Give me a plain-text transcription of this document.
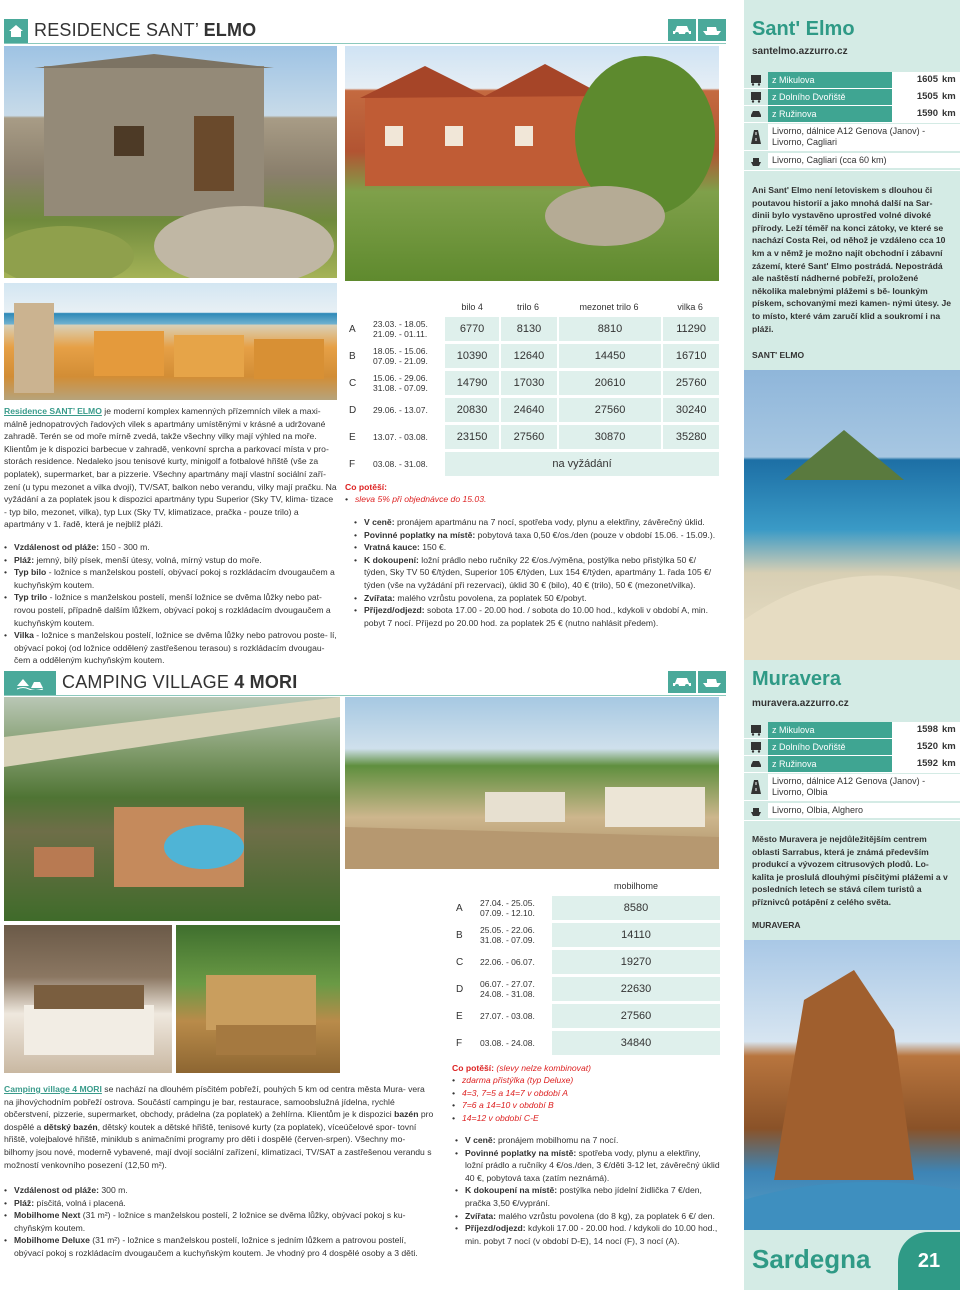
RESIDENCE SANT’ ELMO
		bilo 4	trilo 6	mezonet trilo 6	vilka 6
A	23.03. - 18.05. 21.09. - 01.11.	6770	8130	8810	11290
B	18.05. - 15.06. 07.09. - 21.09.	10390	12640	14450	16710
C	15.06. - 29.06. 31.08. - 07.09.	14790	17030	20610	25760
D	29.06. - 13.07.	20830	24640	27560	30240
E	13.07. - 03.08.	23150	27560	30870	35280
F	03.08. - 31.08.	na vyžádání			
Co potěší:
• sleva 5% při objednávce do 15.03.
Residence SANT’ ELMO je moderní komplex kamenných přízemních vilek a maxi- málně jednopatrových řadových vilek s apartmány umístěnými v krásné a udržované zahradě. Terén se od moře mírně zvedá, takže všechny vilky mají výhled na moře. Klientům je k dispozici barbecue v zahradě, venkovní sprcha a parkovací místa v pro- storách residence. Nedaleko jsou tenisové kurty, minigolf a fotbalové hřiště (vše za poplatek), supermarket, bar a pizzerie. Všechny apartmány mají vlastní sociální zaří- zení (u typu mezonet a vilka dvojí), TV/SAT, balkon nebo verandu, vilky mají pračku. Na vyžádání a za poplatek jsou k dispozici apartmány typu Superior (Sky TV, klima- tizace - typ bilo, mezonet, vilka), typ Lux (Sky TV, klimatizace, pračka - pouze trilo) a apartmány v 1. řadě, která je nejblíž pláži.
• Vzdálenost od pláže: 150 - 300 m.
• Pláž: jemný, bílý písek, menší útesy, volná, mírný vstup do moře.
• Typ bilo - ložnice s manželskou postelí, obývací pokoj s rozkládacím dvougaučem a kuchyňským koutem.
• Typ trilo - ložnice s manželskou postelí, menší ložnice se dvěma lůžky nebo pat- rovou postelí, případně dalším lůžkem, obývací pokoj s rozkládacím dvougaučem a kuchyňským koutem.
• Vilka - ložnice s manželskou postelí, ložnice se dvěma lůžky nebo patrovou poste- lí, obývací pokoj (od ložnice oddělený zastřešenou terasou) s rozkládacím dvougau- čem a odděleným kuchyňským koutem.
• V ceně: pronájem apartmánu na 7 nocí, spotřeba vody, plynu a elektřiny, závěrečný úklid.
• Povinné poplatky na místě: pobytová taxa 0,50 €/os./den (pouze v období 15.06. - 15.09.).
• Vratná kauce: 150 €.
• K dokoupení: ložní prádlo nebo ručníky 22 €/os./výměna, postýlka nebo přistýlka 50 €/ týden, Sky TV 50 €/týden, Superior 105 €/týden, Lux 154 €/týden, apartmány 1. řada 105 €/ týden (vše na vyžádání při rezervaci), úklid 30 € (bilo), 40 € (trilo), 50 € (mezonet/vilka).
• Zvířata: malého vzrůstu povolena, za poplatek 50 €/pobyt.
• Příjezd/odjezd: sobota 17.00 - 20.00 hod. / sobota do 10.00 hod., kdykoli v období A, min. pobyt 7 nocí. Příjezd po 20.00 hod. za poplatek 25 € (nutno nahlásit předem).
CAMPING VILLAGE 4 MORI
		mobilhome
A	27.04. - 25.05. 07.09. - 12.10.	8580
B	25.05. - 22.06. 31.08. - 07.09.	14110
C	22.06. - 06.07.	19270
D	06.07. - 27.07. 24.08. - 31.08.	22630
E	27.07. - 03.08.	27560
F	03.08. - 24.08.	34840
Co potěší: (slevy nelze kombinovat)
• zdarma přistýlka (typ Deluxe)
• 4=3, 7=5 a 14=7 v období A
• 7=6 a 14=10 v období B
• 14=12 v období C-E
Camping village 4 MORI se nachází na dlouhém písčitém pobřeží, pouhých 5 km od centra města Mura- vera na jihovýchodním pobřeží ostrova. Součástí campingu je bar, restaurace, samoobslužná jídelna, rychlé občerstvení, pizzerie, supermarket, obchody, prádelna (za poplatek) a žehlírna. Klientům je k dispozici bazén pro dospělé a dětský bazén, dětský koutek a dětské hřiště, tenisové kurty (za poplatek), víceúčelové spor- tovní hřiště, volejbalové hřiště, miniklub s animačními programy pro děti i dospělé (červen-srpen). Všechny mo- bilhomy jsou nové, moderně vybavené, mají dvojí sociální zařízení, klimatizaci, TV/SAT a zastřešenou verandu s možností venkovního posezení (12,50 m²).
• Vzdálenost od pláže: 300 m.
• Pláž: písčitá, volná i placená.
• Mobilhome Next (31 m²) - ložnice s manželskou postelí, 2 ložnice se dvěma lůžky, obývací pokoj s ku- chyňským koutem.
• Mobilhome Deluxe (31 m²) - ložnice s manželskou postelí, ložnice s jedním lůžkem a patrovou postelí, obývací pokoj s rozkládacím dvougaučem a kuchyňským koutem. Je vhodný pro 4 dospělé osoby a 3 děti.
• V ceně: pronájem mobilhomu na 7 nocí.
• Povinné poplatky na místě: spotřeba vody, plynu a elektřiny, ložní prádlo a ručníky 4 €/os./den, 3 €/děti 3-12 let, závěrečný úklid 40 €, pobytová taxa (zatím neznámá).
• K dokoupení na místě: postýlka nebo jídelní židlička 7 €/den, pračka 3,50 €/vyprání.
• Zvířata: malého vzrůstu povolena (do 8 kg), za poplatek 6 €/ den.
• Příjezd/odjezd: kdykoli 17.00 - 20.00 hod. / kdykoli do 10.00 hod., min. pobyt 7 nocí (v období D-E), 14 nocí (F), 3 nocí (A).
Sant' Elmo
santelmo.azzurro.cz
z Mikulova	1605 km
z Dolního Dvořiště	1505 km
z Ružinova	1590 km
Livorno, dálnice A12 Genova (Janov) - Livorno, Cagliari
Livorno, Cagliari (cca 60 km)
Ani Sant' Elmo není letoviskem s dlouhou či poutavou historií a jako mnohá další na Sar- dinii bylo vystavěno uprostřed volné divoké přírody. Leží téměř na konci zátoky, ve které se nachází Costa Rei, od něhož je vzdáleno cca 10 km a v němž je možno najít obchodní i zábavní zázemí, které Sant' Elmo postrádá. Nepostrádá ale naštěstí nádherné pobřeží, proložené několika malebnými plážemi s bě- lounkým pískem, schovanými mezi kamen- nými útesy. Je to místo, které vám zaručí klid a soukromí i na pláži.
SANT' ELMO
Muravera
muravera.azzurro.cz
z Mikulova	1598 km
z Dolního Dvořiště	1520 km
z Ružinova	1592 km
Livorno, dálnice A12 Genova (Janov) - Livorno, Olbia
Livorno, Olbia, Alghero
Město Muravera je nejdůležitějším centrem oblasti Sarrabus, která je známá především produkcí a vývozem citrusových plodů. Lo- kalita je proslulá dlouhými písčitými plážemi a v posledních letech se stává cílem turistů a příznivců potápění z celého světa.
MURAVERA
Sardegna	21
